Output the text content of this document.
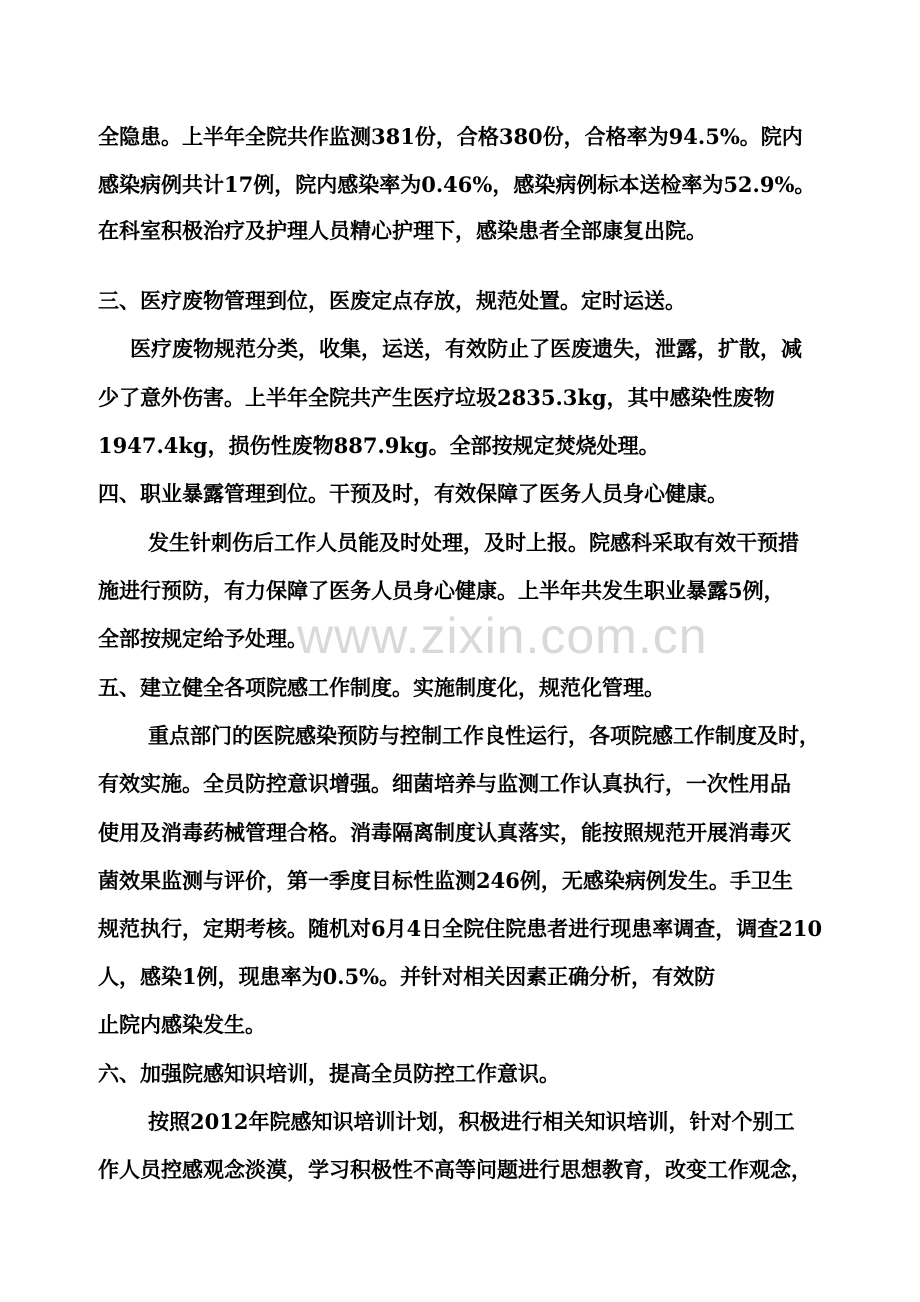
全隐患。上半年全院共作监测381份，合格380份，合格率为94.5%。院内
感染病例共计17例，院内感染率为0.46%，感染病例标本送检率为52.9%。
在科室积极治疗及护理人员精心护理下，感染患者全部康复出院。
三、医疗废物管理到位，医废定点存放，规范处置。定时运送。
医疗废物规范分类，收集，运送，有效防止了医废遗失，泄露，扩散，减
少了意外伤害。上半年全院共产生医疗垃圾2835.3kg，其中感染性废物
1947.4kg，损伤性废物887.9kg。全部按规定焚烧处理。
四、职业暴露管理到位。干预及时，有效保障了医务人员身心健康。
发生针刺伤后工作人员能及时处理，及时上报。院感科采取有效干预措
施进行预防，有力保障了医务人员身心健康。上半年共发生职业暴露5例，
全部按规定给予处理。
五、建立健全各项院感工作制度。实施制度化，规范化管理。
重点部门的医院感染预防与控制工作良性运行，各项院感工作制度及时，
有效实施。全员防控意识增强。细菌培养与监测工作认真执行，一次性用品
使用及消毒药械管理合格。消毒隔离制度认真落实，能按照规范开展消毒灭
菌效果监测与评价，第一季度目标性监测246例，无感染病例发生。手卫生
规范执行，定期考核。随机对6月4日全院住院患者进行现患率调查，调查210
人，感染1例，现患率为0.5%。并针对相关因素正确分析，有效防
止院内感染发生。
六、加强院感知识培训，提高全员防控工作意识。
按照2012年院感知识培训计划，积极进行相关知识培训，针对个别工
作人员控感观念淡漠，学习积极性不高等问题进行思想教育，改变工作观念，
www.zixin.com.cn
